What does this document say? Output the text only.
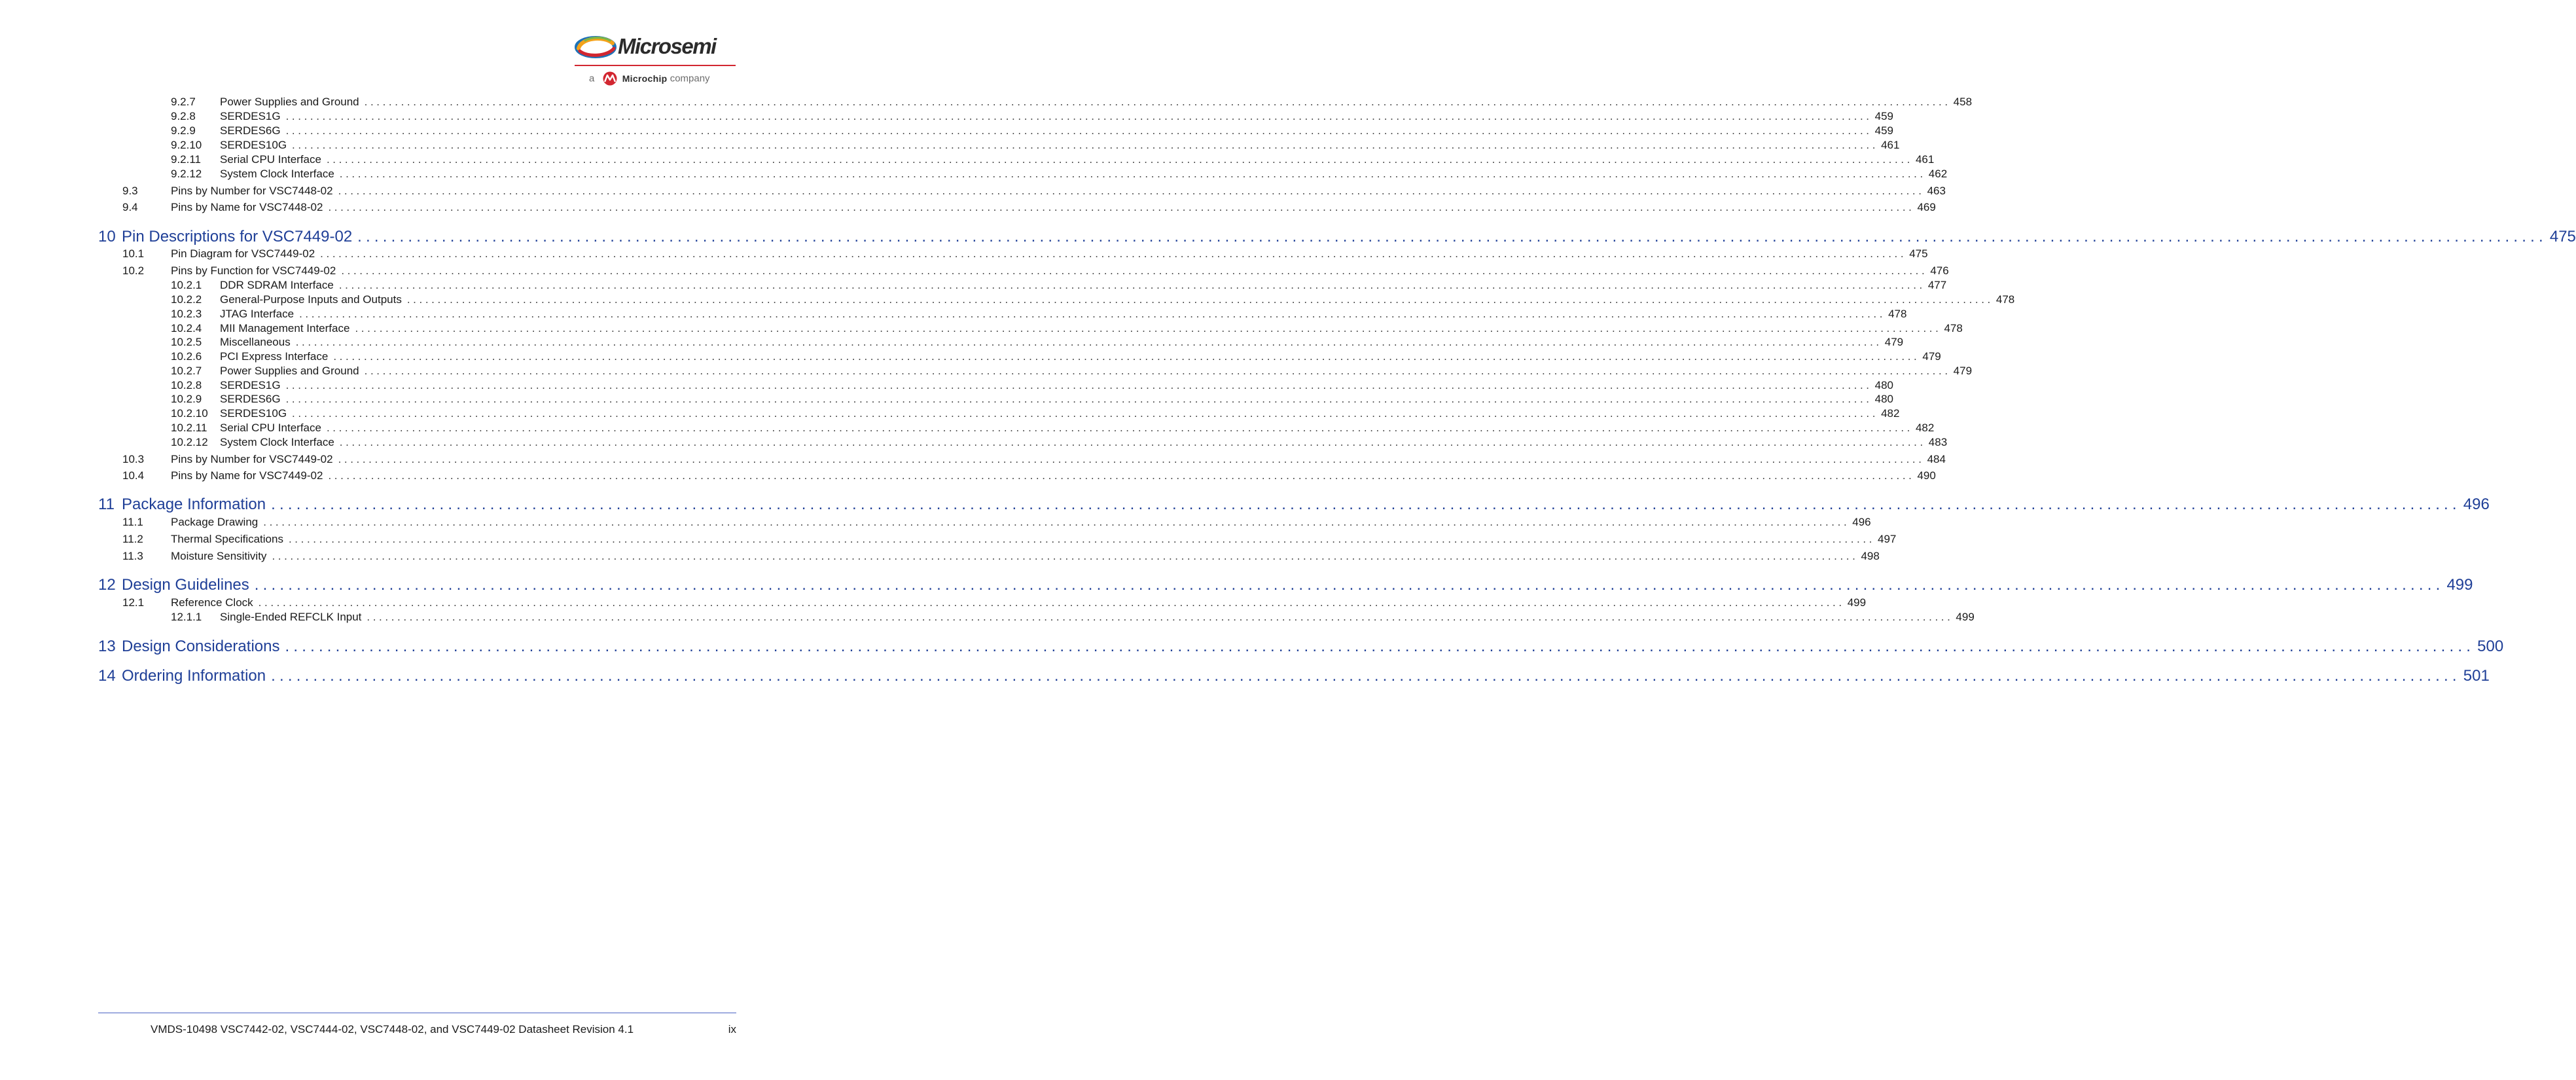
Microsemi
a	Microchip company
9.2.7 Power Supplies and Ground .................................................................................................................................................................................................................................................................... 458
9.2.8 SERDES1G .................................................................................................................................................................................................................................................................... 459
9.2.9 SERDES6G .................................................................................................................................................................................................................................................................... 459
9.2.10 SERDES10G .................................................................................................................................................................................................................................................................... 461
9.2.11 Serial CPU Interface .................................................................................................................................................................................................................................................................... 461
9.2.12 System Clock Interface .................................................................................................................................................................................................................................................................... 462
9.3	Pins by Number for VSC7448-02 .................................................................................................................................................................................................................................................................... 463
9.4	Pins by Name for VSC7448-02 .................................................................................................................................................................................................................................................................... 469
10 Pin Descriptions for VSC7449-02 .................................................................................................................................................................................................................................................................... 475
10.1 Pin Diagram for VSC7449-02 .................................................................................................................................................................................................................................................................... 475
10.2 Pins by Function for VSC7449-02 .................................................................................................................................................................................................................................................................... 476
10.2.1 DDR SDRAM Interface .................................................................................................................................................................................................................................................................... 477
10.2.2 General-Purpose Inputs and Outputs .................................................................................................................................................................................................................................................................... 478
10.2.3 JTAG Interface .................................................................................................................................................................................................................................................................... 478
10.2.4 MII Management Interface .................................................................................................................................................................................................................................................................... 478
10.2.5 Miscellaneous .................................................................................................................................................................................................................................................................... 479
10.2.6 PCI Express Interface .................................................................................................................................................................................................................................................................... 479
10.2.7 Power Supplies and Ground .................................................................................................................................................................................................................................................................... 479
10.2.8 SERDES1G .................................................................................................................................................................................................................................................................... 480
10.2.9 SERDES6G .................................................................................................................................................................................................................................................................... 480
10.2.10 SERDES10G .................................................................................................................................................................................................................................................................... 482
10.2.11 Serial CPU Interface .................................................................................................................................................................................................................................................................... 482
10.2.12 System Clock Interface .................................................................................................................................................................................................................................................................... 483
10.3 Pins by Number for VSC7449-02 .................................................................................................................................................................................................................................................................... 484
10.4 Pins by Name for VSC7449-02 .................................................................................................................................................................................................................................................................... 490
11 Package Information .................................................................................................................................................................................................................................................................... 496
11.1 Package Drawing .................................................................................................................................................................................................................................................................... 496
11.2 Thermal Specifications .................................................................................................................................................................................................................................................................... 497
11.3 Moisture Sensitivity .................................................................................................................................................................................................................................................................... 498
12 Design Guidelines .................................................................................................................................................................................................................................................................... 499
12.1 Reference Clock .................................................................................................................................................................................................................................................................... 499
12.1.1 Single-Ended REFCLK Input .................................................................................................................................................................................................................................................................... 499
13 Design Considerations .................................................................................................................................................................................................................................................................... 500
14 Ordering Information .................................................................................................................................................................................................................................................................... 501
VMDS-10498 VSC7442-02, VSC7444-02, VSC7448-02, and VSC7449-02 Datasheet Revision 4.1	ix
